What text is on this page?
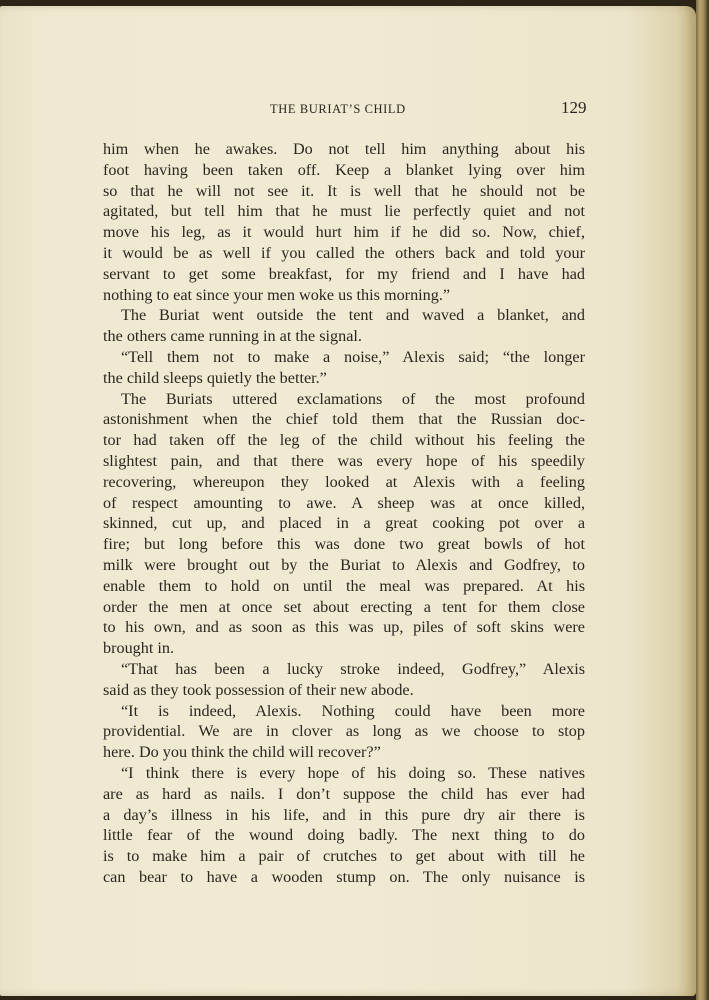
THE BURIAT’S CHILD	129
him when he awakes. Do not tell him anything about his
foot having been taken off. Keep a blanket lying over him
so that he will not see it. It is well that he should not be
agitated, but tell him that he must lie perfectly quiet and not
move his leg, as it would hurt him if he did so. Now, chief,
it would be as well if you called the others back and told your
servant to get some breakfast, for my friend and I have had
nothing to eat since your men woke us this morning.”
The Buriat went outside the tent and waved a blanket, and
the others came running in at the signal.
“Tell them not to make a noise,” Alexis said; “the longer
the child sleeps quietly the better.”
The Buriats uttered exclamations of the most profound
astonishment when the chief told them that the Russian doc-
tor had taken off the leg of the child without his feeling the
slightest pain, and that there was every hope of his speedily
recovering, whereupon they looked at Alexis with a feeling
of respect amounting to awe. A sheep was at once killed,
skinned, cut up, and placed in a great cooking pot over a
fire; but long before this was done two great bowls of hot
milk were brought out by the Buriat to Alexis and Godfrey, to
enable them to hold on until the meal was prepared. At his
order the men at once set about erecting a tent for them close
to his own, and as soon as this was up, piles of soft skins were
brought in.
“That has been a lucky stroke indeed, Godfrey,” Alexis
said as they took possession of their new abode.
“It is indeed, Alexis. Nothing could have been more
providential. We are in clover as long as we choose to stop
here. Do you think the child will recover?”
“I think there is every hope of his doing so. These natives
are as hard as nails. I don’t suppose the child has ever had
a day’s illness in his life, and in this pure dry air there is
little fear of the wound doing badly. The next thing to do
is to make him a pair of crutches to get about with till he
can bear to have a wooden stump on. The only nuisance is
